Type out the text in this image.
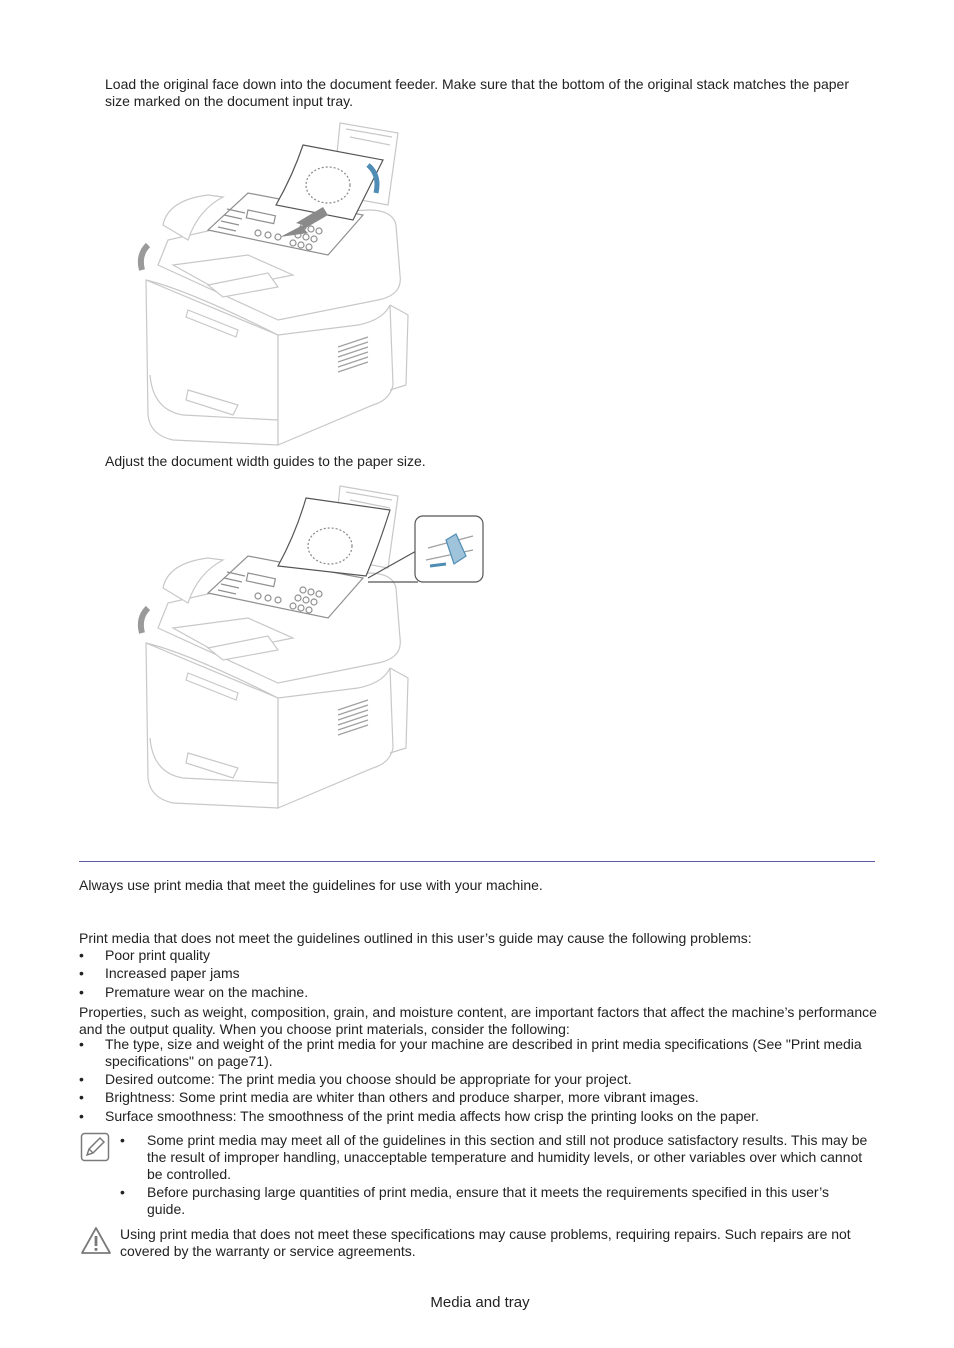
Load the original face down into the document feeder. Make sure that the bottom of the original stack matches the paper size marked on the document input tray.
Adjust the document width guides to the paper size.
Always use print media that meet the guidelines for use with your machine.
Print media that does not meet the guidelines outlined in this user’s guide may cause the following problems:
• Poor print quality
• Increased paper jams
• Premature wear on the machine.
Properties, such as weight, composition, grain, and moisture content, are important factors that affect the machine’s performance and the output quality. When you choose print materials, consider the following:
• The type, size and weight of the print media for your machine are described in print media specifications (See "Print media specifications" on page71).
• Desired outcome: The print media you choose should be appropriate for your project.
• Brightness: Some print media are whiter than others and produce sharper, more vibrant images.
• Surface smoothness: The smoothness of the print media affects how crisp the printing looks on the paper.
• Some print media may meet all of the guidelines in this section and still not produce satisfactory results. This may be the result of improper handling, unacceptable temperature and humidity levels, or other variables over which cannot be controlled.
• Before purchasing large quantities of print media, ensure that it meets the requirements specified in this user’s guide.
Using print media that does not meet these specifications may cause problems, requiring repairs. Such repairs are not covered by the warranty or service agreements.
Media and tray
